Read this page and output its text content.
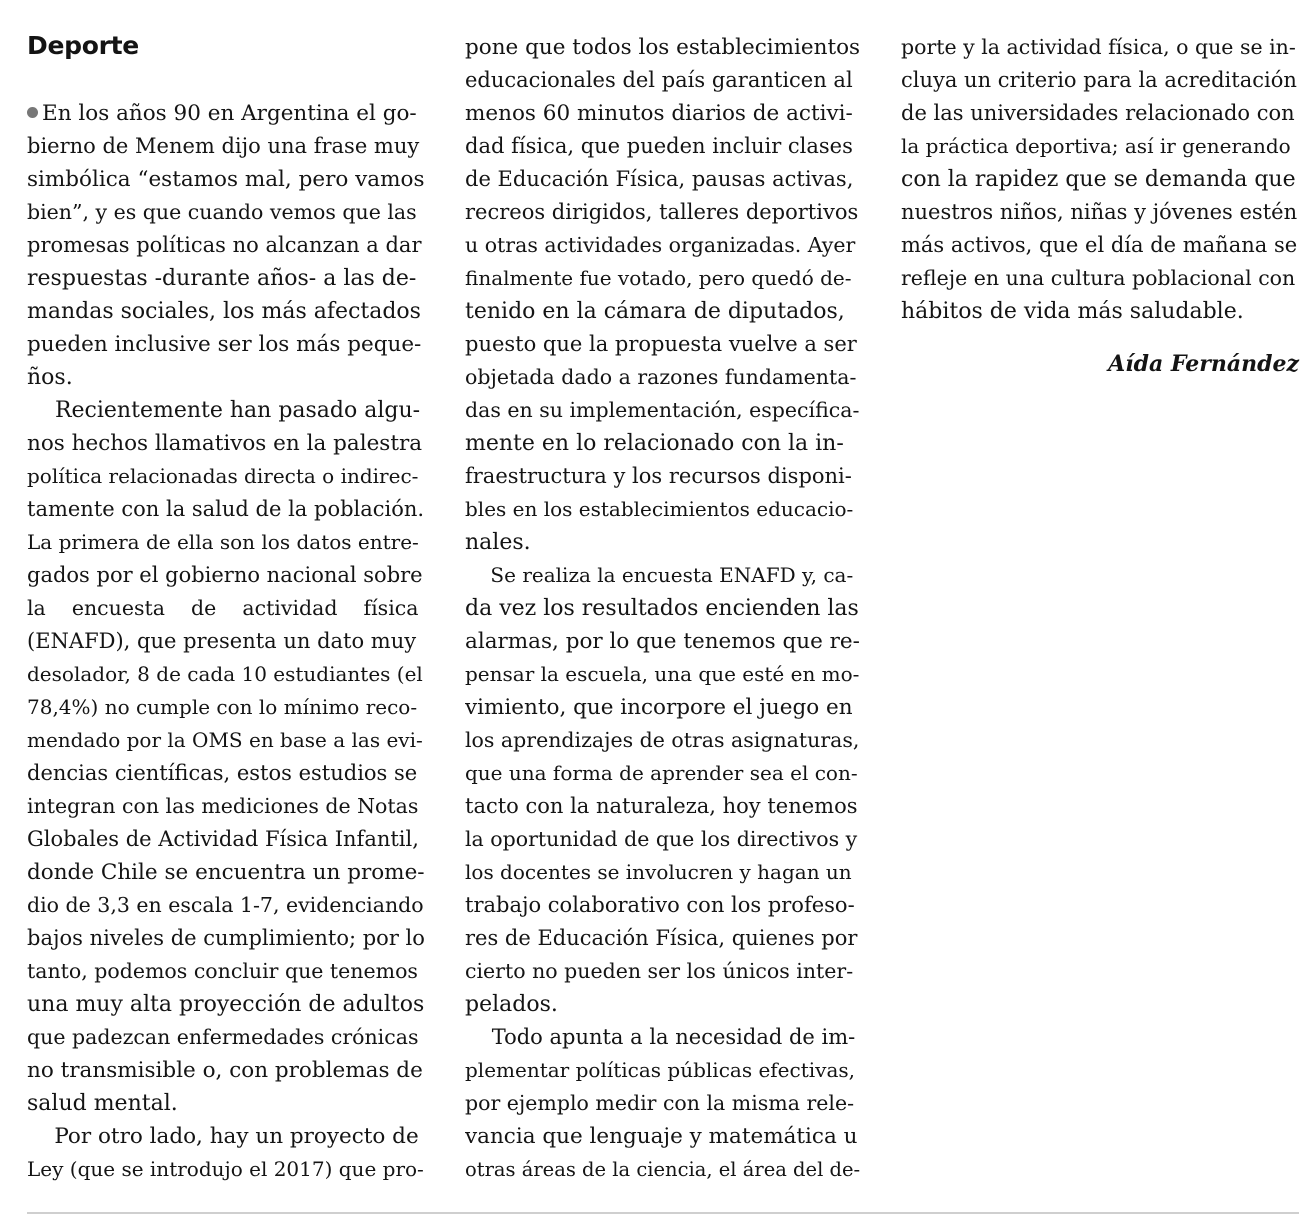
Deporte
En los años 90 en Argentina el go-
bierno de Menem dijo una frase muy
simbólica “estamos mal, pero vamos
bien”, y es que cuando vemos que las
promesas políticas no alcanzan a dar
respuestas -durante años- a las de-
mandas sociales, los más afectados
pueden inclusive ser los más peque-
ños.
Recientemente han pasado algu-
nos hechos llamativos en la palestra
política relacionadas directa o indirec-
tamente con la salud de la población.
La primera de ella son los datos entre-
gados por el gobierno nacional sobre
la    encuesta    de    actividad    física
(ENAFD), que presenta un dato muy
desolador, 8 de cada 10 estudiantes (el
78,4%) no cumple con lo mínimo reco-
mendado por la OMS en base a las evi-
dencias científicas, estos estudios se
integran con las mediciones de Notas
Globales de Actividad Física Infantil,
donde Chile se encuentra un prome-
dio de 3,3 en escala 1-7, evidenciando
bajos niveles de cumplimiento; por lo
tanto, podemos concluir que tenemos
una muy alta proyección de adultos
que padezcan enfermedades crónicas
no transmisible o, con problemas de
salud mental.
Por otro lado, hay un proyecto de
Ley (que se introdujo el 2017) que pro-
pone que todos los establecimientos
educacionales del país garanticen al
menos 60 minutos diarios de activi-
dad física, que pueden incluir clases
de Educación Física, pausas activas,
recreos dirigidos, talleres deportivos
u otras actividades organizadas. Ayer
finalmente fue votado, pero quedó de-
tenido en la cámara de diputados,
puesto que la propuesta vuelve a ser
objetada dado a razones fundamenta-
das en su implementación, específica-
mente en lo relacionado con la in-
fraestructura y los recursos disponi-
bles en los establecimientos educacio-
nales.
Se realiza la encuesta ENAFD y, ca-
da vez los resultados encienden las
alarmas, por lo que tenemos que re-
pensar la escuela, una que esté en mo-
vimiento, que incorpore el juego en
los aprendizajes de otras asignaturas,
que una forma de aprender sea el con-
tacto con la naturaleza, hoy tenemos
la oportunidad de que los directivos y
los docentes se involucren y hagan un
trabajo colaborativo con los profeso-
res de Educación Física, quienes por
cierto no pueden ser los únicos inter-
pelados.
Todo apunta a la necesidad de im-
plementar políticas públicas efectivas,
por ejemplo medir con la misma rele-
vancia que lenguaje y matemática u
otras áreas de la ciencia, el área del de-
porte y la actividad física, o que se in-
cluya un criterio para la acreditación
de las universidades relacionado con
la práctica deportiva; así ir generando
con la rapidez que se demanda que
nuestros niños, niñas y jóvenes estén
más activos, que el día de mañana se
refleje en una cultura poblacional con
hábitos de vida más saludable.
Aída Fernández
